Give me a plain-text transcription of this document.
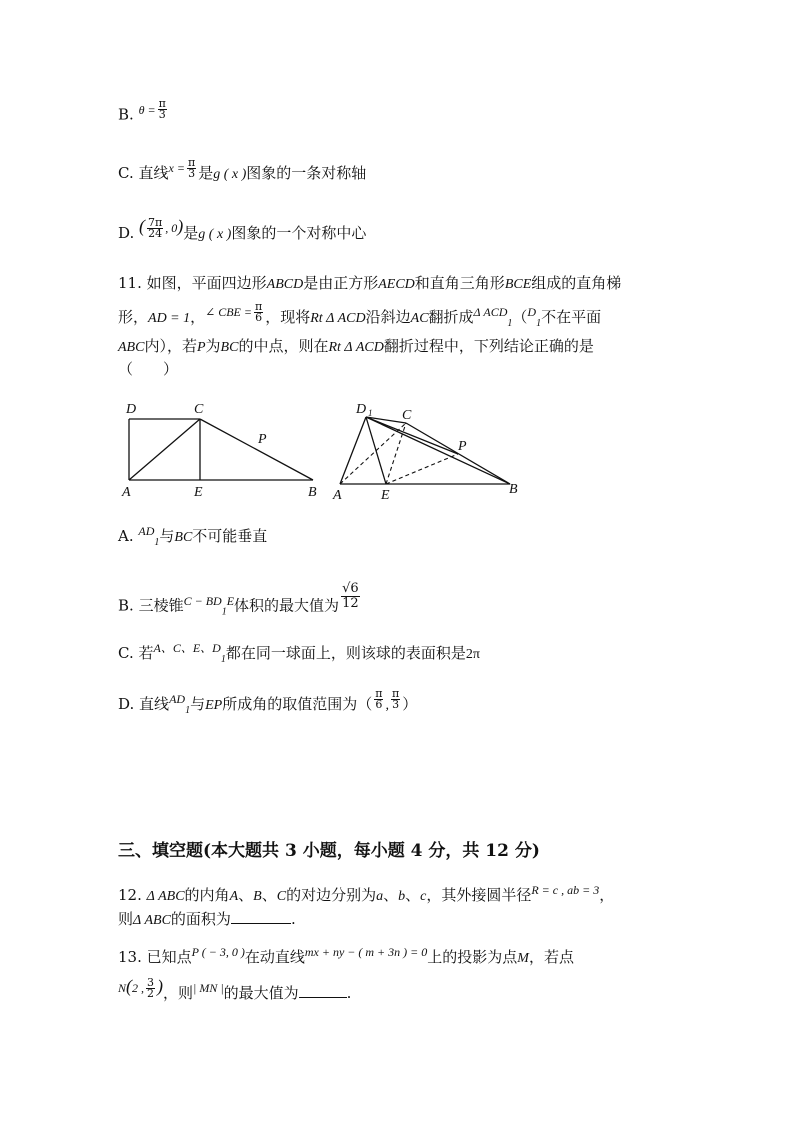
B. $^{\theta =} \frac{\pi}{3}$
C. 直线$^{x =} \frac{\pi}{3}$ 是g ( x )图象的一条对称轴
D. ( $\frac{7\pi}{24} ^{, 0}$)是g ( x )图象的一个对称中心
11. 如图，平面四边形ABCD是由正方形AECD和直角三角形BCE组成的直角梯
形，AD = 1，$^{\angle CBE =} \frac{\pi}{6}$ ，现将Rt Δ ACD沿斜边AC翻折成$^{\Delta ACD}_1$（$^D_1$不在平面
ABC内），若P为BC的中点，则在Rt Δ ACD翻折过程中，下列结论正确的是
（　　）
D	C
P
A	E	B
D 1 C
P
A	E	B
A. $^{AD}_1$与BC不可能垂直
B. 三棱锥$^{C - BD}_1^E$体积的最大值为 $\frac{√6}{12}$
C. 若$^{A、C、E、D}_1$都在同一球面上，则该球的表面积是2π
D. 直线$^{AD}_1$与EP所成角的取值范围为（ $\frac{\pi}{6}$ , $\frac{\pi}{3}$ ）
三、填空题(本大题共 3 小题，每小题 4 分，共 12 分)
12. Δ ABC的内角A、B、C的对边分别为a、b、c，其外接圆半径$^{R = c , ab = 3}$，
则Δ ABC的面积为	.
13. 已知点$^{P ( - 3, 0 )}$在动直线$^{mx + ny - ( m + 3n ) = 0}$上的投影为点M，若点
$^N(^{2 ,} \frac{3}{2}$ )，则$^{| MN |}$的最大值为	.
